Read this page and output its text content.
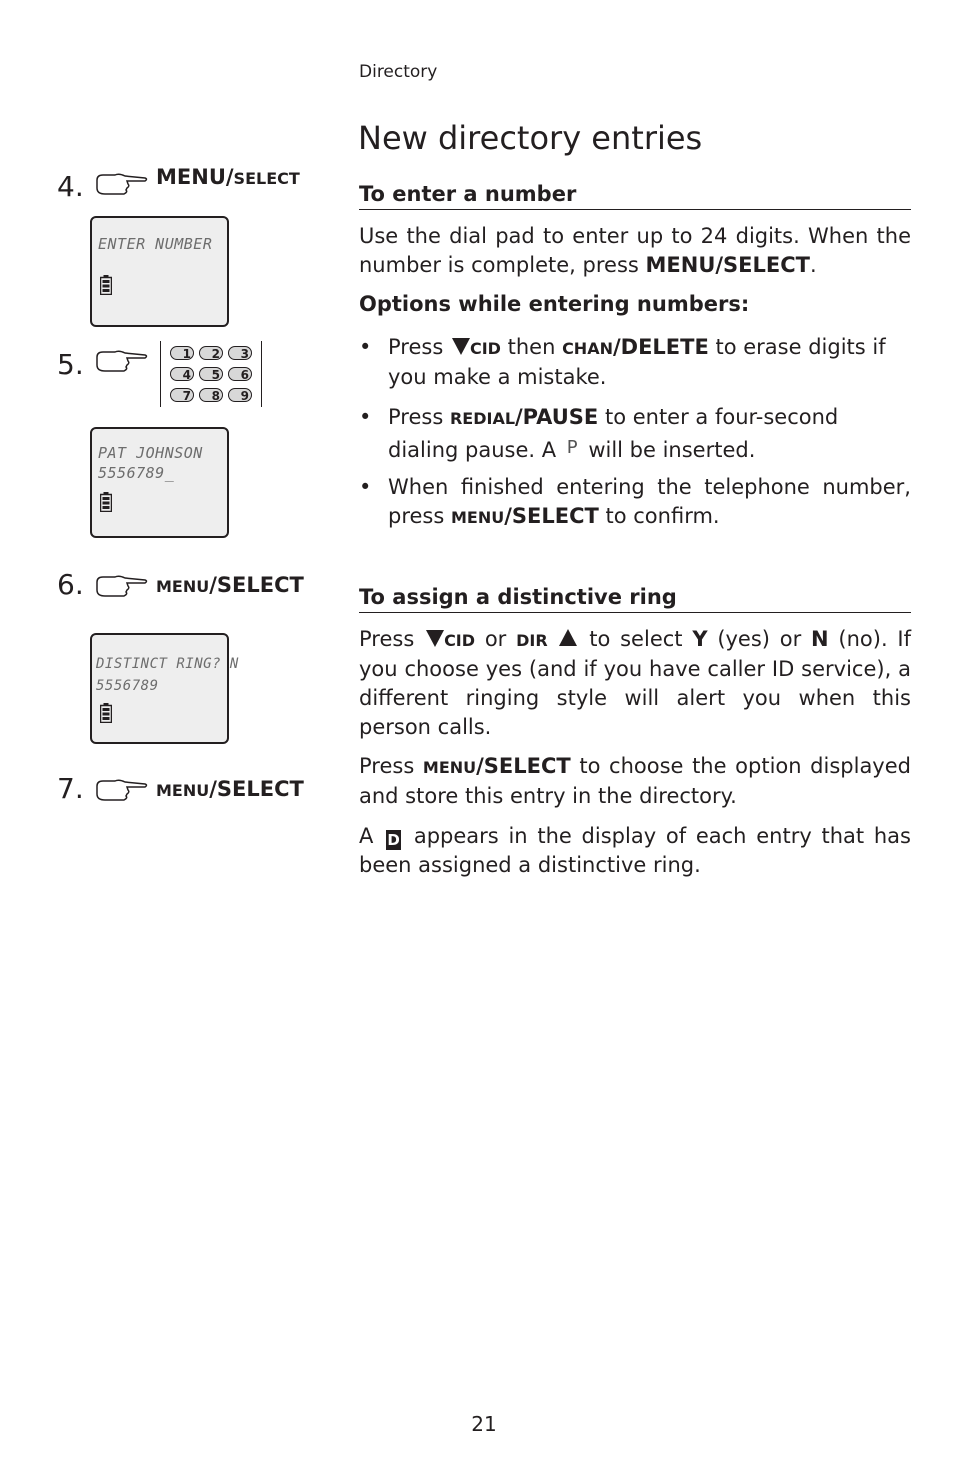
Directory
New directory entries
To enter a number
Use the dial pad to enter up to 24 digits. When the number is complete, press MENU/SELECT.
Options while entering numbers:
• Press CID then CHAN/DELETE to erase digits if you make a mistake.
• Press REDIAL/PAUSE to enter a four-second dialing pause. A P will be inserted.
• When finished entering the telephone number, press MENU/SELECT to confirm.
To assign a distinctive ring
Press CID or DIR  to select Y (yes) or N (no). If you choose yes (and if you have caller ID service), a different ringing style will alert you when this person calls.
Press MENU/SELECT to choose the option displayed and store this entry in the directory.
A D appears in the display of each entry that has been assigned a distinctive ring.
4.	MENU/SELECT
ENTER NUMBER
5.	1	2	3
4	5	6
7	8	9
PAT JOHNSON
5556789_
6.	MENU/SELECT
DISTINCT RING? N
5556789
7.	MENU/SELECT
21
